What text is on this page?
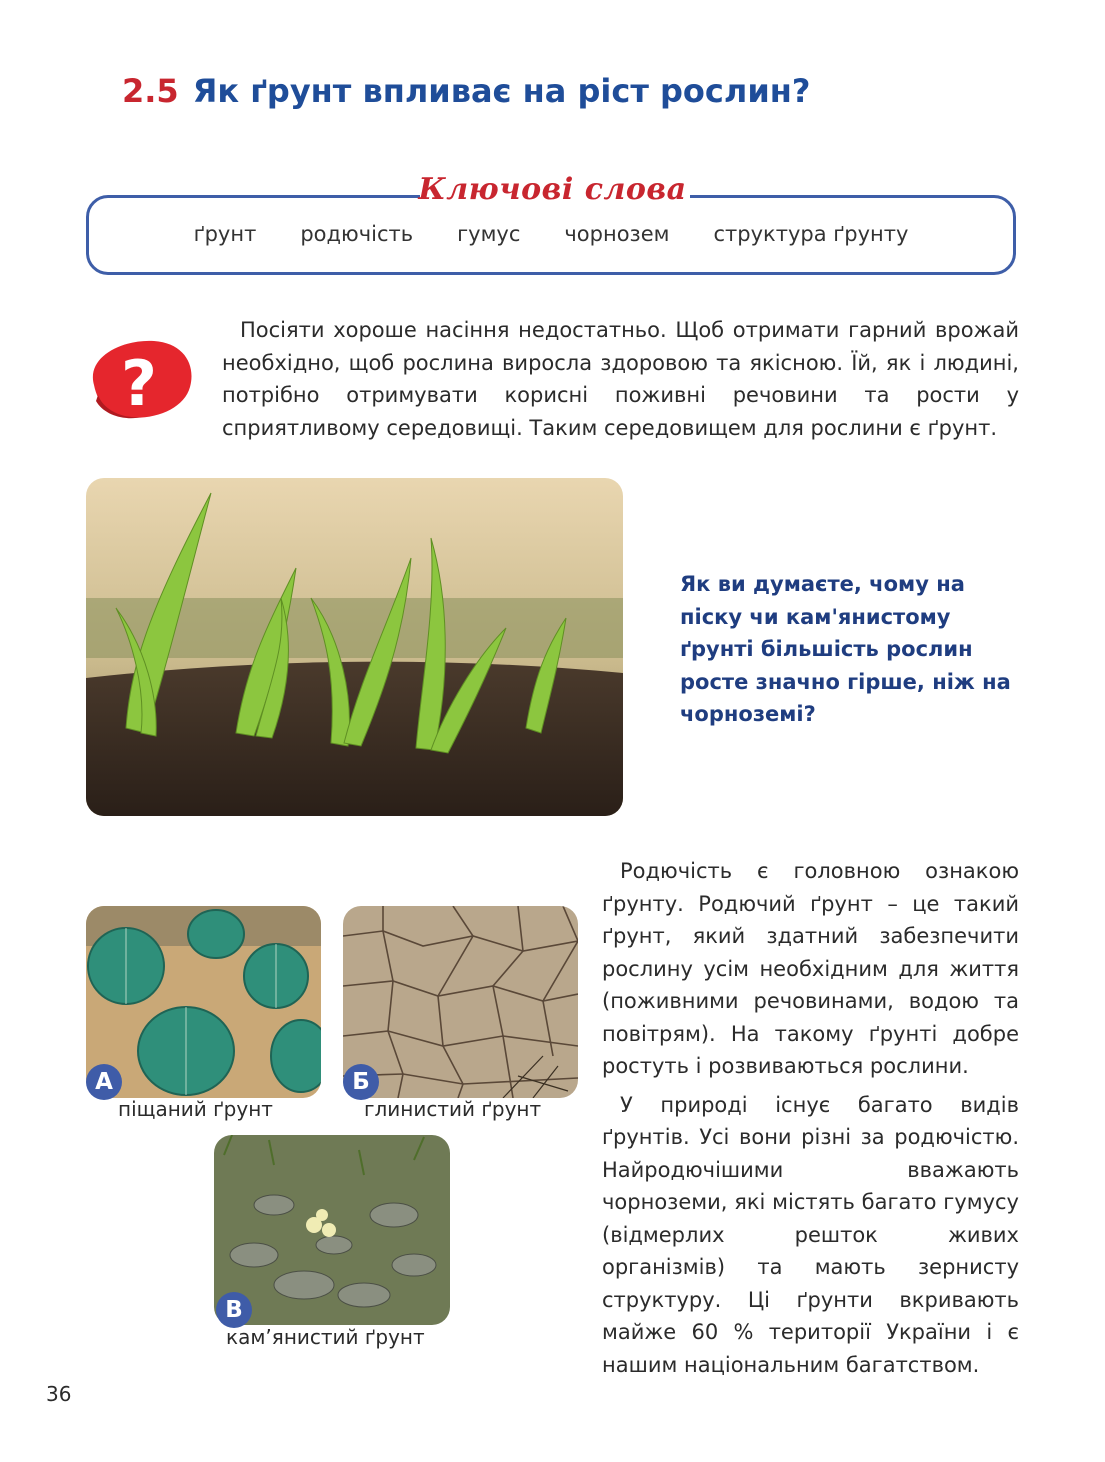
2.5 Як ґрунт впливає на ріст рослин?
Ключові слова
ґрунт родючість гумус чорнозем структура ґрунту
?

Посіяти хороше насіння недостатньо. Щоб отримати гарний врожай необхідно, щоб рослина виросла здоровою та якісною. Їй, як і людині, потрібно отримувати корисні поживні речовини та рости у сприятливому середовищі. Таким середовищем для рослини є ґрунт.

Як ви думаєте, чому на піску чи кам'янистому ґрунті більшість рослин росте значно гірше, ніж на чорноземі?

Родючість є головною ознакою ґрунту. Родючий ґрунт – це такий ґрунт, який здатний забезпечити рослину усім необхідним для життя (поживними речовинами, водою та повітрям). На такому ґрунті добре ростуть і розвиваються рослини.

У природі існує багато видів ґрунтів. Усі вони різні за родючістю. Найродючішими вважають чорноземи, які містять багато гумусу (відмерлих решток живих організмів) та мають зернисту структуру. Ці ґрунти вкривають майже 60 % території України і є нашим національним багатством.

А
піщаний ґрунт
Б
глинистий ґрунт
В
кам’янистий ґрунт
36
